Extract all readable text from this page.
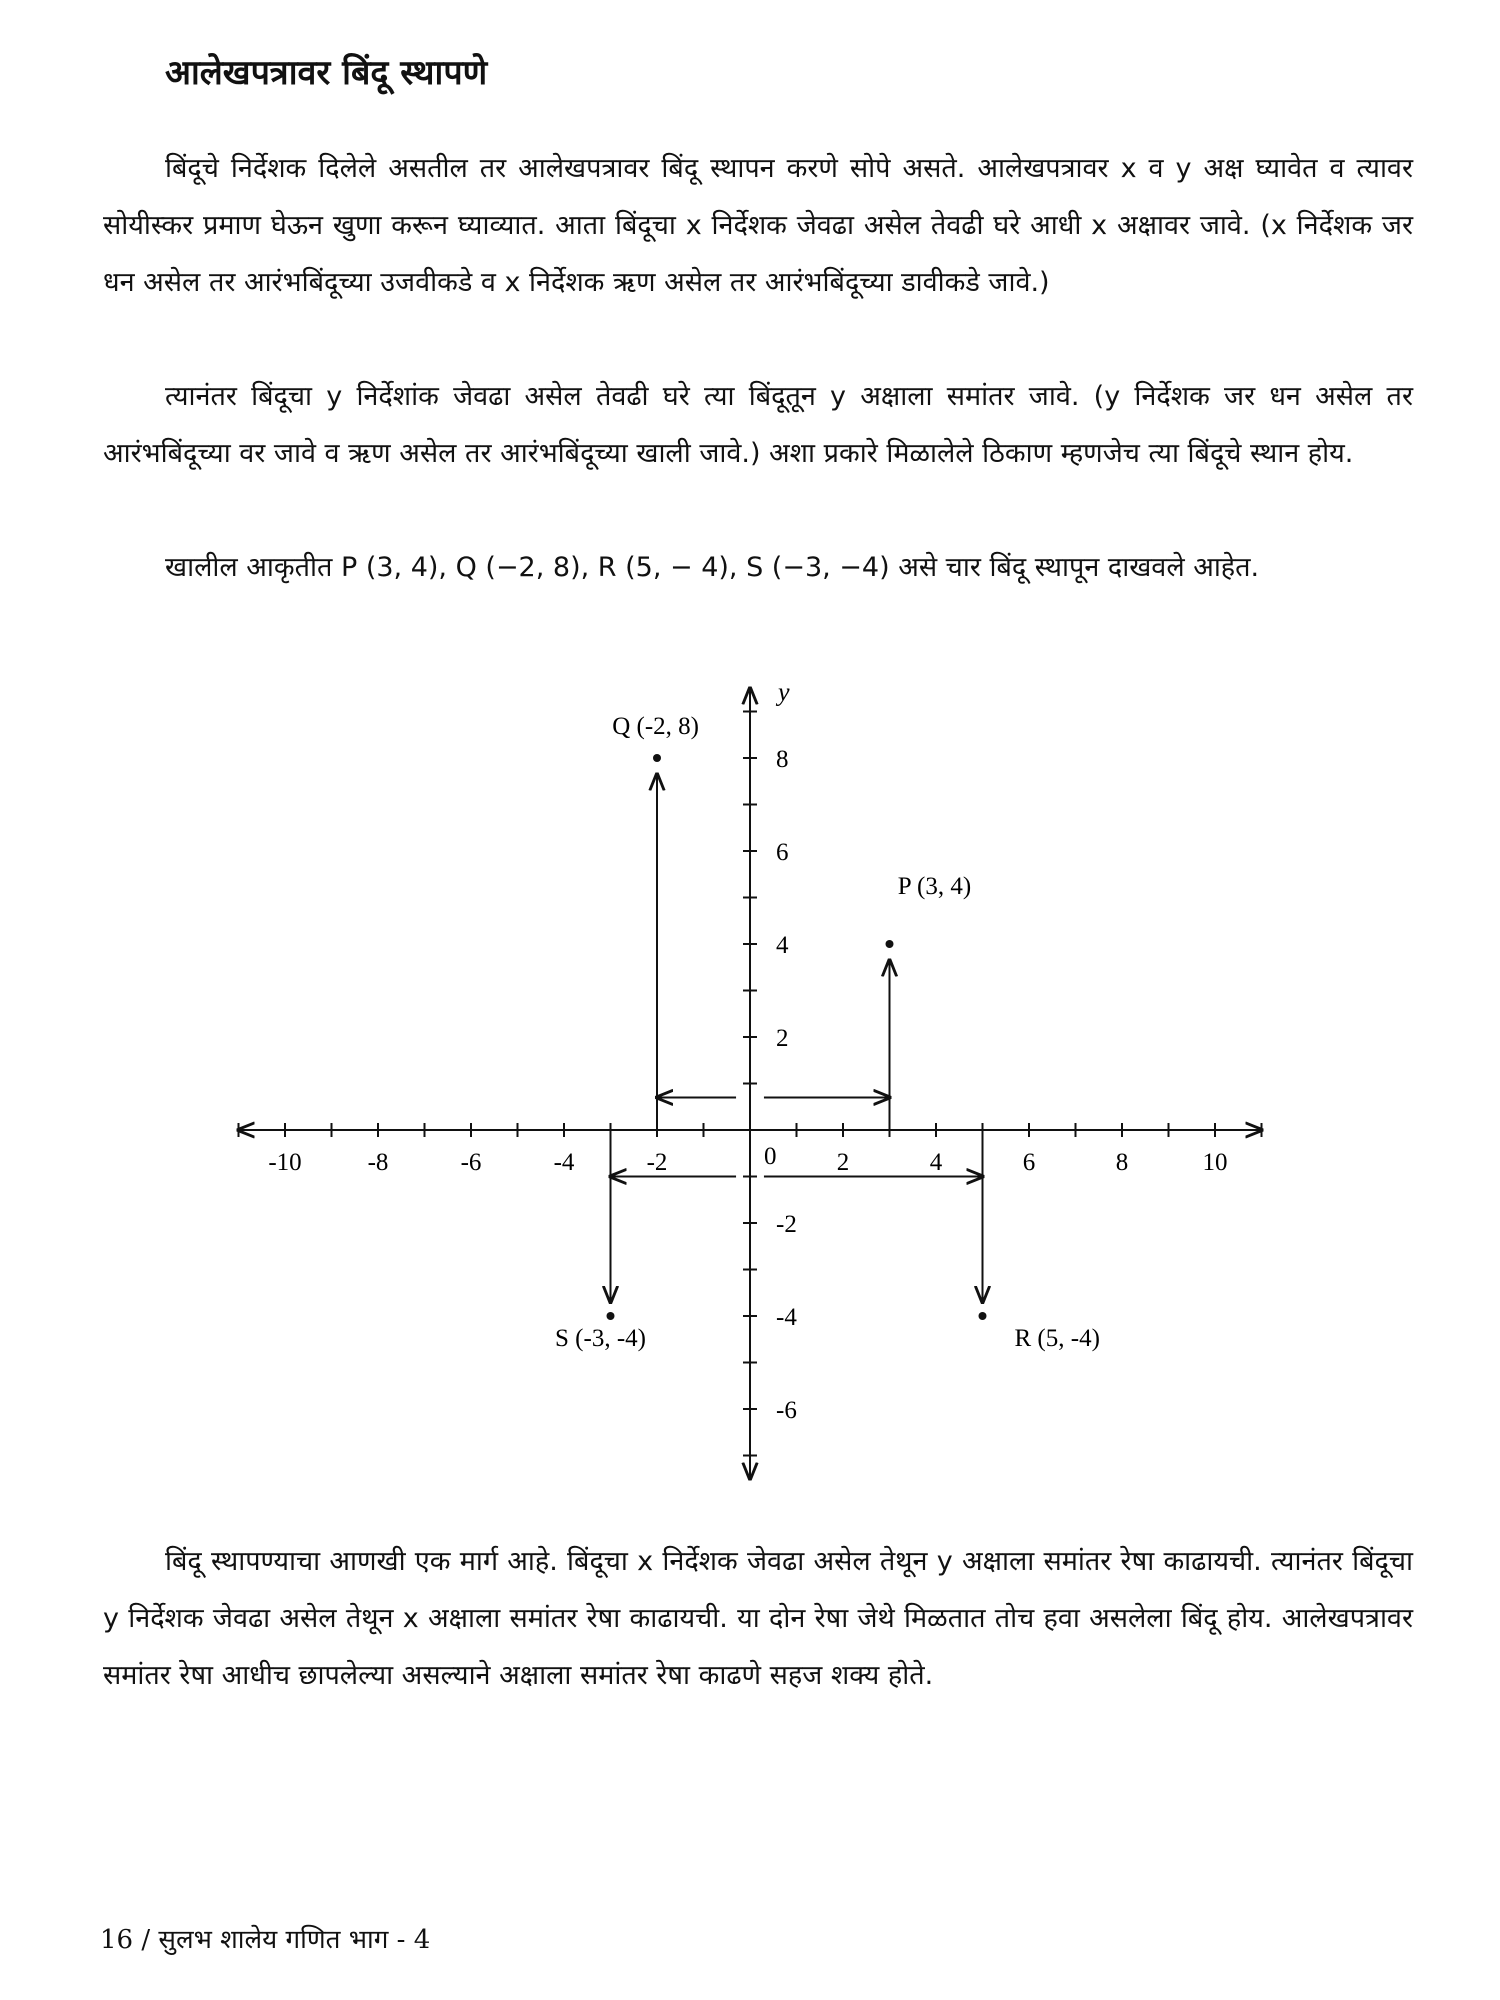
आलेखपत्रावर बिंदू स्थापणे

बिंदूचे निर्देशक दिलेले असतील तर आलेखपत्रावर बिंदू स्थापन करणे सोपे असते. आलेखपत्रावर x व y अक्ष घ्यावेत व त्यावर सोयीस्कर प्रमाण घेऊन खुणा करून घ्याव्यात. आता बिंदूचा x निर्देशक जेवढा असेल तेवढी घरे आधी x अक्षावर जावे. (x निर्देशक जर धन असेल तर आरंभबिंदूच्या उजवीकडे व x निर्देशक ऋण असेल तर आरंभबिंदूच्या डावीकडे जावे.)

त्यानंतर बिंदूचा y निर्देशांक जेवढा असेल तेवढी घरे त्या बिंदूतून y अक्षाला समांतर जावे. (y निर्देशक जर धन असेल तर आरंभबिंदूच्या वर जावे व ऋण असेल तर आरंभबिंदूच्या खाली जावे.) अशा प्रकारे मिळालेले ठिकाण म्हणजेच त्या बिंदूचे स्थान होय.

खालील आकृतीत P (3, 4), Q (−2, 8), R (5, − 4), S (−3, −4) असे चार बिंदू स्थापून दाखवले आहेत.

y
0
-10	-8	-6	-4	-2	2	4	6	8	10
-6
-4
-2
2
4
6
8
P (3, 4)
Q (-2, 8)
R (5, -4)
S (-3, -4)

बिंदू स्थापण्याचा आणखी एक मार्ग आहे. बिंदूचा x निर्देशक जेवढा असेल तेथून y अक्षाला समांतर रेषा काढायची. त्यानंतर बिंदूचा y निर्देशक जेवढा असेल तेथून x अक्षाला समांतर रेषा काढायची. या दोन रेषा जेथे मिळतात तोच हवा असलेला बिंदू होय. आलेखपत्रावर समांतर रेषा आधीच छापलेल्या असल्याने अक्षाला समांतर रेषा काढणे सहज शक्य होते.

16 / सुलभ शालेय गणित भाग - 4
